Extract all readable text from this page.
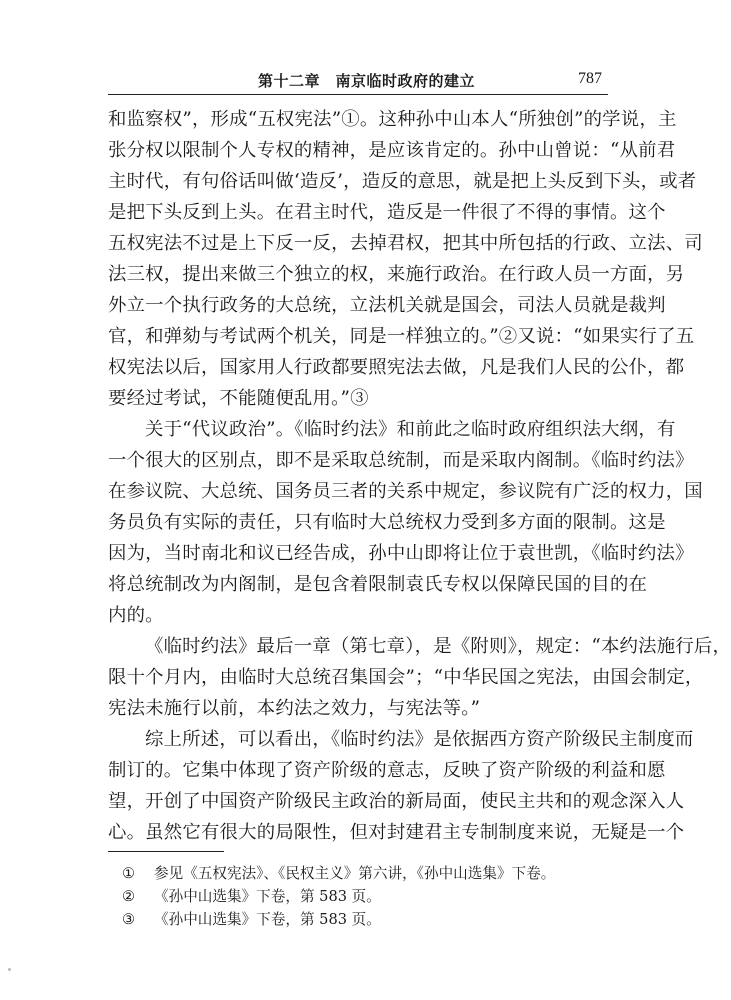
第十二章　南京临时政府的建立	787
和监察权”，形成“五权宪法”①。这种孙中山本人“所独创”的学说，主
张分权以限制个人专权的精神，是应该肯定的。孙中山曾说：“从前君
主时代，有句俗话叫做‘造反’，造反的意思，就是把上头反到下头，或者
是把下头反到上头。在君主时代，造反是一件很了不得的事情。这个
五权宪法不过是上下反一反，去掉君权，把其中所包括的行政、立法、司
法三权，提出来做三个独立的权，来施行政治。在行政人员一方面，另
外立一个执行政务的大总统，立法机关就是国会，司法人员就是裁判
官，和弹劾与考试两个机关，同是一样独立的。”②又说：“如果实行了五
权宪法以后，国家用人行政都要照宪法去做，凡是我们人民的公仆，都
要经过考试，不能随便乱用。”③
关于“代议政治”。《临时约法》和前此之临时政府组织法大纲，有
一个很大的区别点，即不是采取总统制，而是采取内阁制。《临时约法》
在参议院、大总统、国务员三者的关系中规定，参议院有广泛的权力，国
务员负有实际的责任，只有临时大总统权力受到多方面的限制。这是
因为，当时南北和议已经告成，孙中山即将让位于袁世凯，《临时约法》
将总统制改为内阁制，是包含着限制袁氏专权以保障民国的目的在
内的。
《临时约法》最后一章（第七章），是《附则》，规定：“本约法施行后，
限十个月内，由临时大总统召集国会”；“中华民国之宪法，由国会制定，
宪法未施行以前，本约法之效力，与宪法等。”
综上所述，可以看出，《临时约法》是依据西方资产阶级民主制度而
制订的。它集中体现了资产阶级的意志，反映了资产阶级的利益和愿
望，开创了中国资产阶级民主政治的新局面，使民主共和的观念深入人
心。虽然它有很大的局限性，但对封建君主专制制度来说，无疑是一个
① 参见《五权宪法》、《民权主义》第六讲，《孙中山选集》下卷。
② 《孙中山选集》下卷，第 583 页。
③ 《孙中山选集》下卷，第 583 页。
